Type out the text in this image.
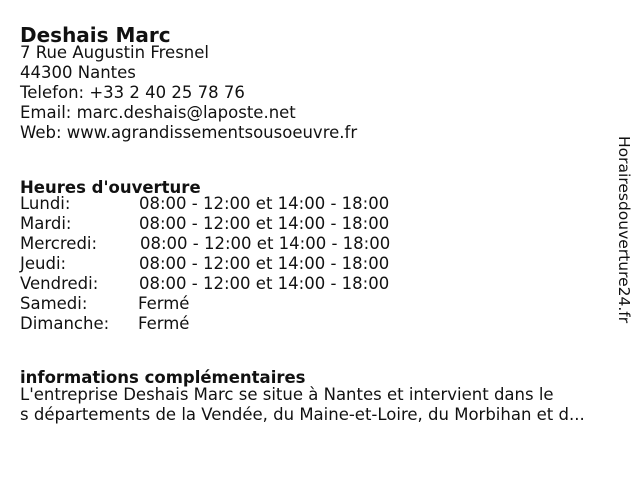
Deshais Marc
7 Rue Augustin Fresnel
44300 Nantes
Telefon: +33 2 40 25 78 76
Email: marc.deshais@laposte.net
Web: www.agrandissementsousoeuvre.fr
Heures d'ouverture
Lundi:	08:00 - 12:00 et 14:00 - 18:00
Mardi:	08:00 - 12:00 et 14:00 - 18:00
Mercredi:	08:00 - 12:00 et 14:00 - 18:00
Jeudi:	08:00 - 12:00 et 14:00 - 18:00
Vendredi: 08:00 - 12:00 et 14:00 - 18:00
Samedi:	Fermé
Dimanche: Fermé
informations complémentaires
L'entreprise Deshais Marc se situe à Nantes et intervient dans le
s départements de la Vendée, du Maine-et-Loire, du Morbihan et d...
Horairesdouverture24.fr
